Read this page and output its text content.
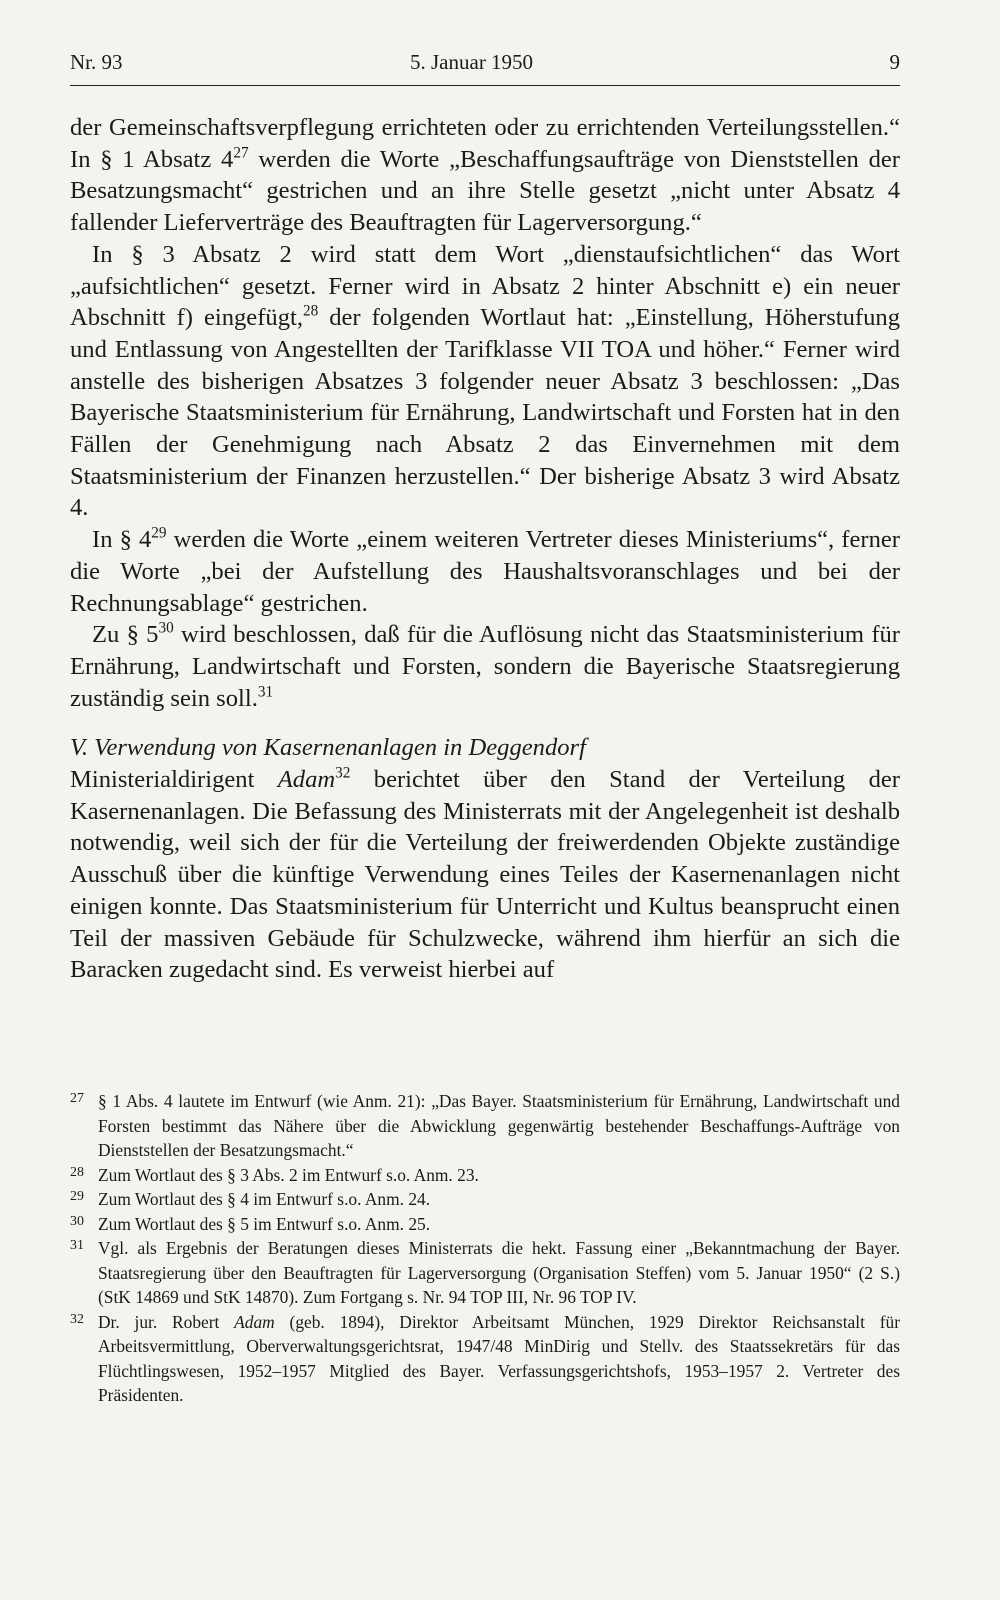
Nr. 93	5. Januar 1950	9

der Gemeinschaftsverpflegung errichteten oder zu errichtenden Verteilungsstellen.“ In § 1 Absatz $4^{27}$ werden die Worte „Beschaffungsaufträge von Dienststellen der Besatzungsmacht“ gestrichen und an ihre Stelle gesetzt „nicht unter Absatz 4 fallender Lieferverträge des Beauftragten für Lagerversorgung.“

In § 3 Absatz 2 wird statt dem Wort „dienstaufsichtlichen“ das Wort „aufsichtlichen“ gesetzt. Ferner wird in Absatz 2 hinter Abschnitt e) ein neuer Abschnitt f) eingefügt,$^{28}$ der folgenden Wortlaut hat: „Einstellung, Höherstufung und Entlassung von Angestellten der Tarifklasse VII TOA und höher.“ Ferner wird anstelle des bisherigen Absatzes 3 folgender neuer Absatz 3 beschlossen: „Das Bayerische Staatsministerium für Ernährung, Landwirtschaft und Forsten hat in den Fällen der Genehmigung nach Absatz 2 das Einvernehmen mit dem Staatsministerium der Finanzen herzustellen.“ Der bisherige Absatz 3 wird Absatz 4.

In § $4^{29}$ werden die Worte „einem weiteren Vertreter dieses Ministeriums“, ferner die Worte „bei der Aufstellung des Haushaltsvoranschlages und bei der Rechnungsablage“ gestrichen.

Zu § $5^{30}$ wird beschlossen, daß für die Auflösung nicht das Staatsministerium für Ernährung, Landwirtschaft und Forsten, sondern die Bayerische Staatsregierung zuständig sein soll.$^{31}$

V. Verwendung von Kasernenanlagen in Deggendorf

Ministerialdirigent Adam$^{32}$ berichtet über den Stand der Verteilung der Kasernenanlagen. Die Befassung des Ministerrats mit der Angelegenheit ist deshalb notwendig, weil sich der für die Verteilung der freiwerdenden Objekte zuständige Ausschuß über die künftige Verwendung eines Teiles der Kasernenanlagen nicht einigen konnte. Das Staatsministerium für Unterricht und Kultus beansprucht einen Teil der massiven Gebäude für Schulzwecke, während ihm hierfür an sich die Baracken zugedacht sind. Es verweist hierbei auf

27 § 1 Abs. 4 lautete im Entwurf (wie Anm. 21): „Das Bayer. Staatsministerium für Ernährung, Landwirtschaft und Forsten bestimmt das Nähere über die Abwicklung gegenwärtig bestehender Beschaffungs-Aufträge von Dienststellen der Besatzungsmacht.“
28 Zum Wortlaut des § 3 Abs. 2 im Entwurf s.o. Anm. 23.
29 Zum Wortlaut des § 4 im Entwurf s.o. Anm. 24.
30 Zum Wortlaut des § 5 im Entwurf s.o. Anm. 25.
31 Vgl. als Ergebnis der Beratungen dieses Ministerrats die hekt. Fassung einer „Bekanntmachung der Bayer. Staatsregierung über den Beauftragten für Lagerversorgung (Organisation Steffen) vom 5. Januar 1950“ (2 S.) (StK 14869 und StK 14870). Zum Fortgang s. Nr. 94 TOP III, Nr. 96 TOP IV.
32 Dr. jur. Robert Adam (geb. 1894), Direktor Arbeitsamt München, 1929 Direktor Reichsanstalt für Arbeitsvermittlung, Oberverwaltungsgerichtsrat, 1947/48 MinDirig und Stellv. des Staatssekretärs für das Flüchtlingswesen, 1952–1957 Mitglied des Bayer. Verfassungsgerichtshofs, 1953–1957 2. Vertreter des Präsidenten.
